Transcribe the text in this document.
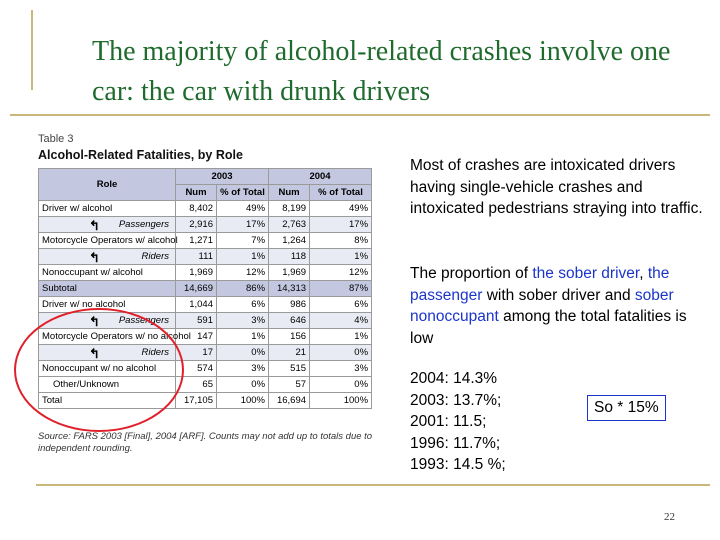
The majority of alcohol-related crashes involve one car: the car with drunk drivers
Table 3
Alcohol-Related Fatalities, by Role
Role	2003		2004	
	Num	% of Total	Num	% of Total
Driver w/ alcohol	8,402	49%	8,199	49%

↰ Passengers	2,916	17%	2,763	17%
Motorcycle Operators w/ alcohol	1,271	7%	1,264	8%

↰ Riders	111	1%	118	1%
Nonoccupant w/ alcohol	1,969	12%	1,969	12%
Subtotal	14,669	86%	14,313	87%
Driver w/ no alcohol	1,044	6%	986	6%

↰ Passengers	591	3%	646	4%
Motorcycle Operators w/ no alcohol	147	1%	156	1%

↰ Riders	17	0%	21	0%
Nonoccupant w/ no alcohol	574	3%	515	3%
Other/Unknown	65	0%	57	0%
Total	17,105	100%	16,694	100%
Source: FARS 2003 [Final], 2004 [ARF]. Counts may not add up to totals due to independent rounding.
Most of crashes are intoxicated drivers having single-vehicle crashes and intoxicated pedestrians straying into traffic.
The proportion of the sober driver, the passenger with sober driver and sober nonoccupant among the total fatalities is low
2004: 14.3%
2003: 13.7%;
2001: 11.5;
1996: 11.7%;
1993: 14.5 %;
So * 15%
22
